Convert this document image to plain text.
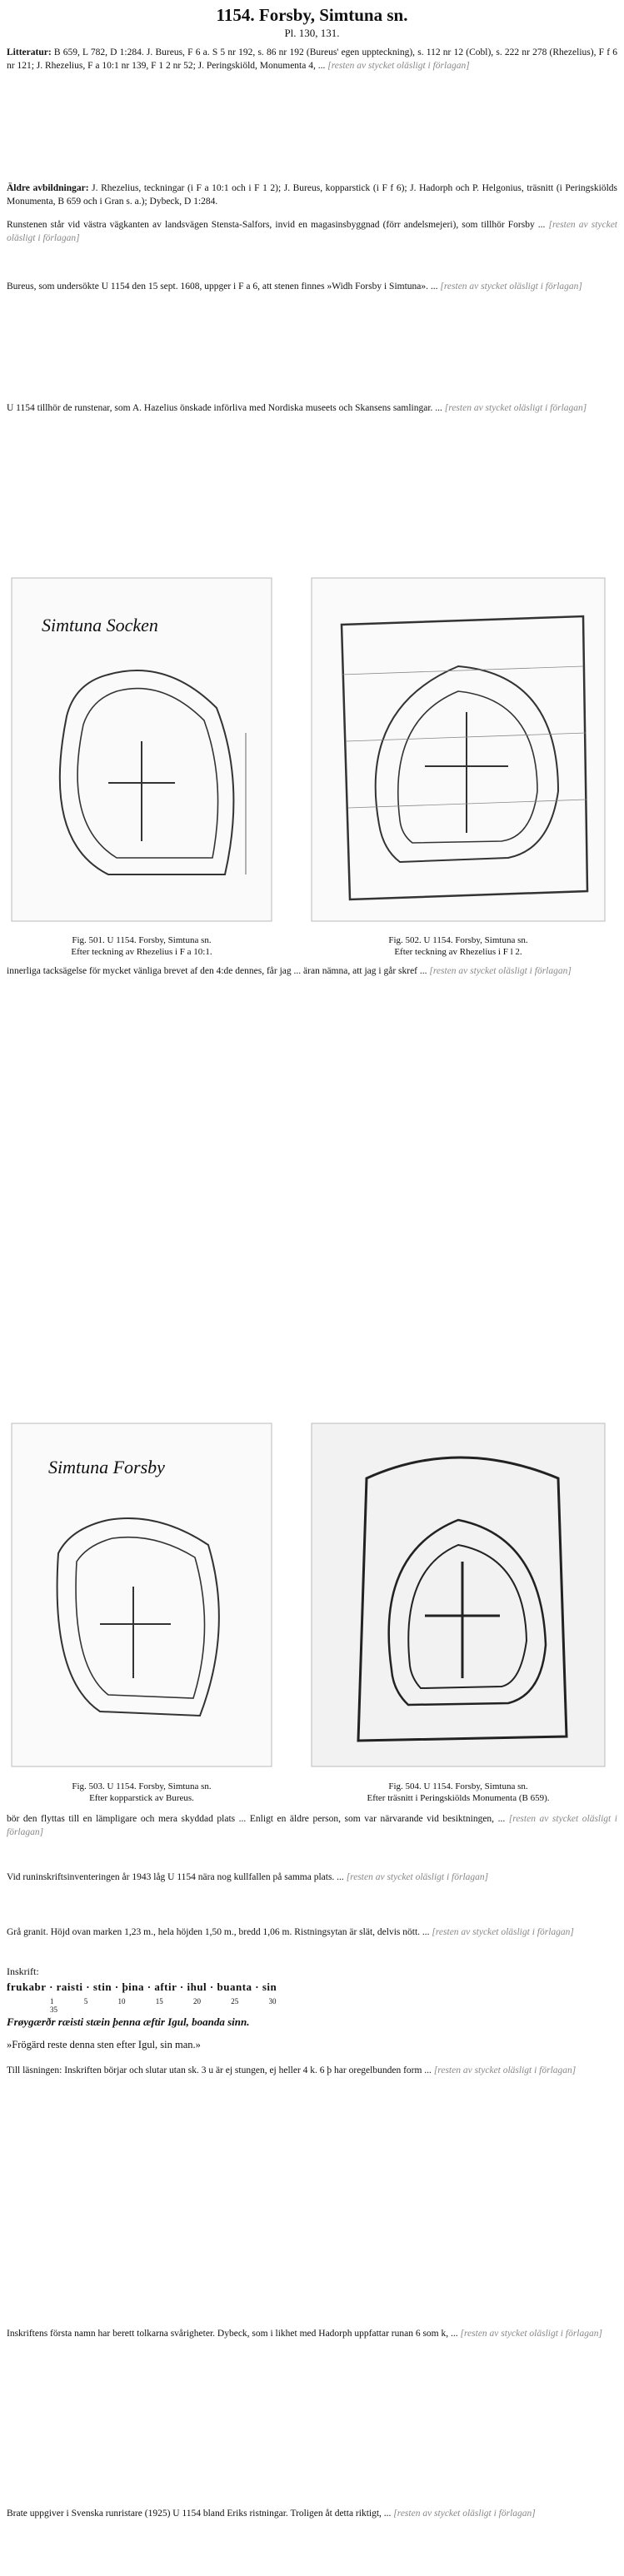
1154. Forsby, Simtuna sn.
Pl. 130, 131.
Litteratur: B 659, L 782, D 1:284. J. Bureus, F 6 a. S 5 nr 192, s. 86 nr 192 (Bureus' egen uppteckning), s. 112 nr 12 (Cobl), s. 222 nr 278 (Rhezelius), F f 6 nr 121; J. Rhezelius, F a 10:1 nr 139, F 1 2 nr 52; J. Peringskiöld, Monumenta 4, ... [resten av stycket oläsligt i förlagan]
Äldre avbildningar: J. Rhezelius, teckningar (i F a 10:1 och i F 1 2); J. Bureus, kopparstick (i F f 6); J. Hadorph och P. Helgonius, träsnitt (i Peringskiölds Monumenta, B 659 och i Gran s. a.); Dybeck, D 1:284.
Runstenen står vid västra vägkanten av landsvägen Stensta-Salfors, invid en magasinsbyggnad (förr andelsmejeri), som tillhör Forsby ... [resten av stycket oläsligt i förlagan]
Bureus, som undersökte U 1154 den 15 sept. 1608, uppger i F a 6, att stenen finnes »Widh Forsby i Simtuna». ... [resten av stycket oläsligt i förlagan]
U 1154 tillhör de runstenar, som A. Hazelius önskade införliva med Nordiska museets och Skansens samlingar. ... [resten av stycket oläsligt i förlagan]
Simtuna Socken
Fig. 501. U 1154. Forsby, Simtuna sn.
Efter teckning av Rhezelius i F a 10:1.
Fig. 502. U 1154. Forsby, Simtuna sn.
Efter teckning av Rhezelius i F l 2.
innerliga tacksägelse för mycket vänliga brevet af den 4:de dennes, får jag ... äran nämna, att jag i går skref ... [resten av stycket oläsligt i förlagan]
Simtuna Forsby
Fig. 503. U 1154. Forsby, Simtuna sn.
Efter kopparstick av Bureus.
Fig. 504. U 1154. Forsby, Simtuna sn.
Efter träsnitt i Peringskiölds Monumenta (B 659).
bör den flyttas till en lämpligare och mera skyddad plats ... Enligt en äldre person, som var närvarande vid besiktningen, ... [resten av stycket oläsligt i förlagan]
Vid runinskriftsinventeringen år 1943 låg U 1154 nära nog kullfallen på samma plats. ... [resten av stycket oläsligt i förlagan]
Grå granit. Höjd ovan marken 1,23 m., hela höjden 1,50 m., bredd 1,06 m. Ristningsytan är slät, delvis nött. ... [resten av stycket oläsligt i förlagan]
Inskrift:
frukabr · raisti · stin · þina · aftir · ihul · buanta · sin
1 5 10 15 20 25 30 35
Frøygærðr ræisti stæin þenna æftir Igul, boanda sinn.
»Frögärd reste denna sten efter Igul, sin man.»
Till läsningen: Inskriften börjar och slutar utan sk. 3 u är ej stungen, ej heller 4 k. 6 þ har oregelbunden form ... [resten av stycket oläsligt i förlagan]
Inskriftens första namn har berett tolkarna svårigheter. Dybeck, som i likhet med Hadorph uppfattar runan 6 som k, ... [resten av stycket oläsligt i förlagan]
Brate uppgiver i Svenska runristare (1925) U 1154 bland Eriks ristningar. Troligen åt detta riktigt, ... [resten av stycket oläsligt i förlagan]
